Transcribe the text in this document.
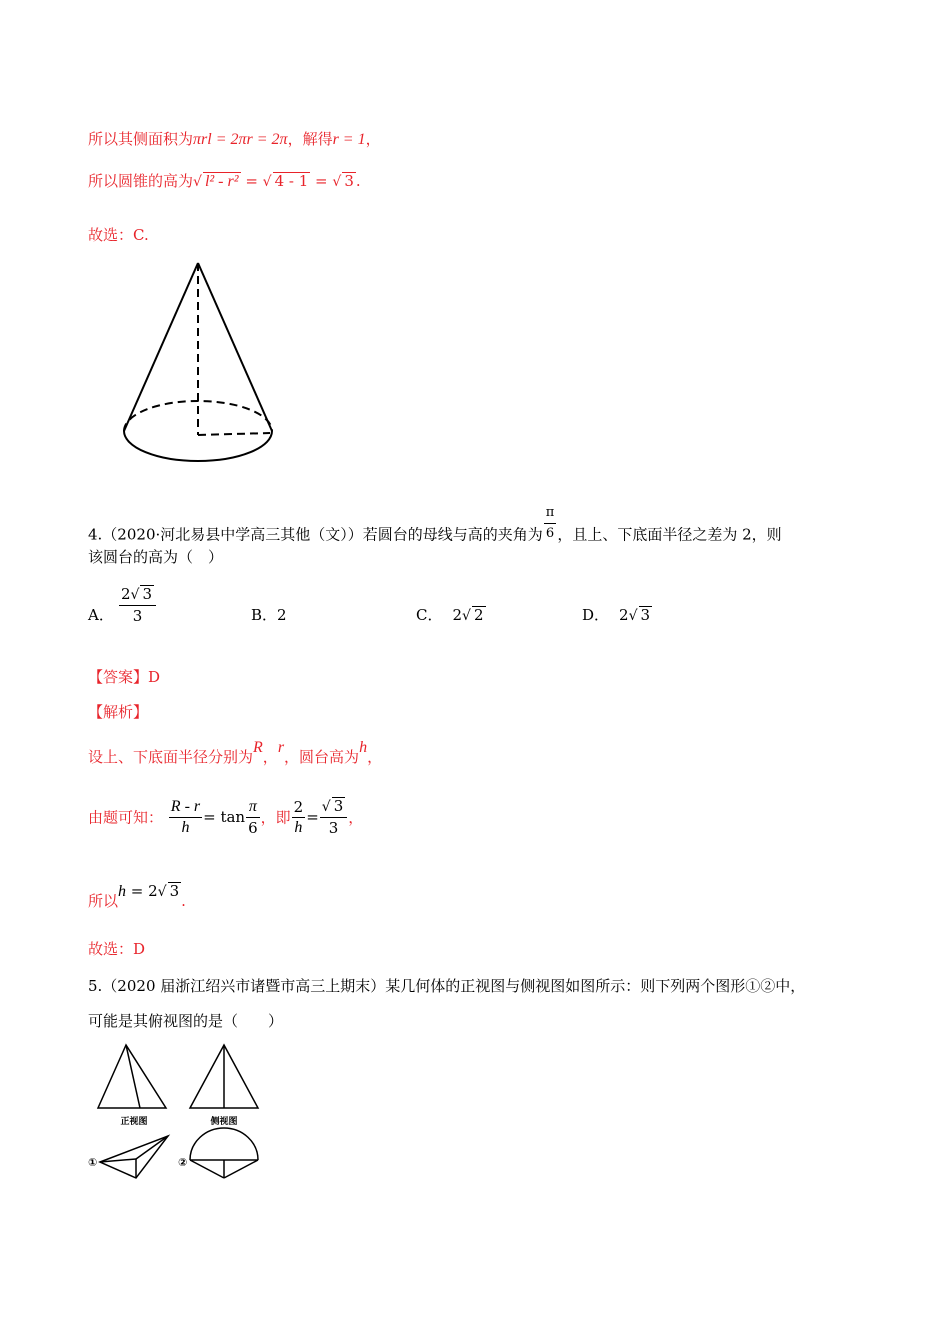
所以其侧面积为πrl = 2πr = 2π，解得r = 1，
所以圆锥的高为√ l² - r² = √ 4 - 1 = √ 3 .
故选：C.
4.（2020·河北易县中学高三其他（文））若圆台的母线与高的夹角为 $\frac{\pi}{6}$ ，且上、下底面半径之差为 2，则
该圆台的高为（　）
A． $\frac{2√ 3}{3}$	B．2	C． 2√ 2	D． 2√ 3
【答案】D
【解析】
设上、下底面半径分别为R，r，圆台高为h，
由题可知： $\frac{R - r}{h} = \tan \frac{\pi}{6}$ ，即 $\frac{2}{h} = \frac{√ 3}{3}$ ，
所以h = 2√ 3.
故选：D
5.（2020 届浙江绍兴市诸暨市高三上期末）某几何体的正视图与侧视图如图所示：则下列两个图形①②中，
可能是其俯视图的是（　　）
正视图	侧视图
①	②
